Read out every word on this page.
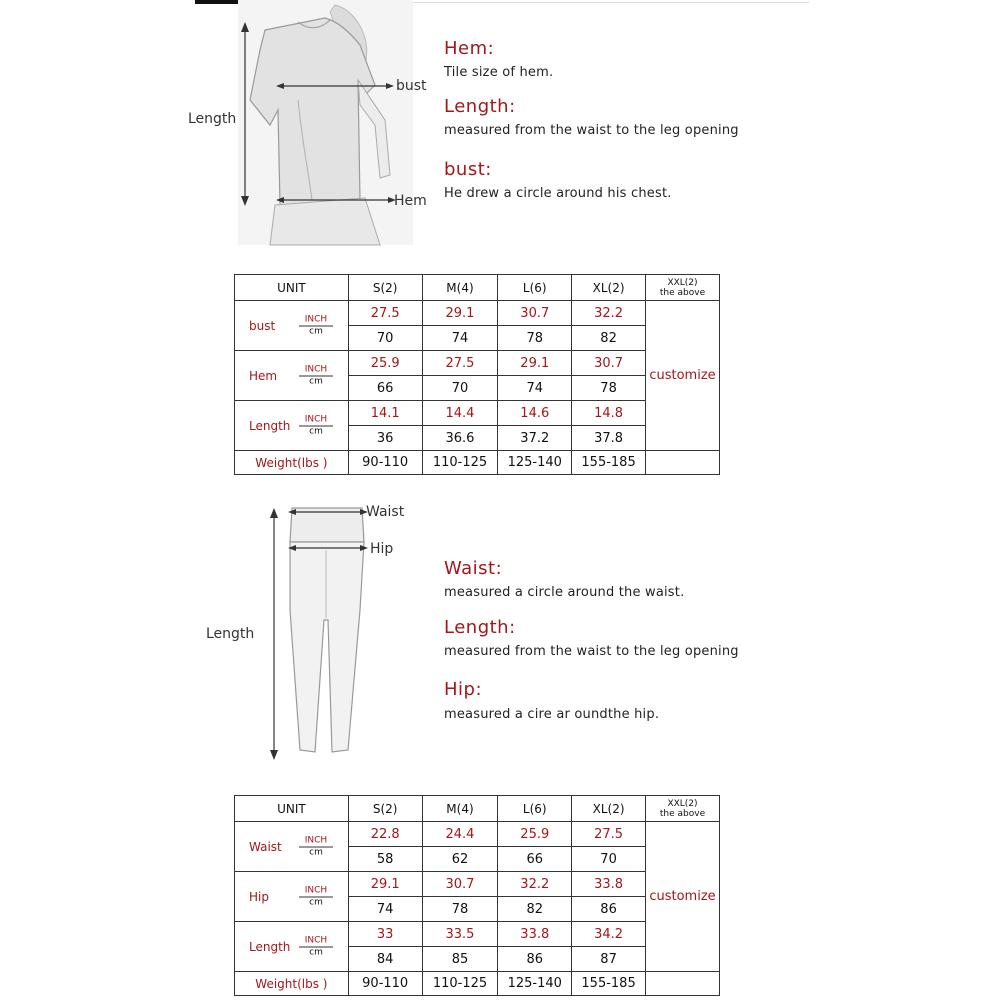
Length
bust
Hem
Hem:
Tile size of hem.
Length:
measured from the waist to the leg opening
bust:
He drew a circle around his chest.
UNIT	S(2)	M(4)	L(6)	XL(2)	XXL(2)
the above

bust INCH
cm	27.5	29.1	30.7	32.2	customize
	70	74	78	82	

Hem INCH
cm	25.9	27.5	29.1	30.7	
	66	70	74	78	

Length INCH
cm	14.1	14.4	14.6	14.8	
	36	36.6	37.2	37.8	
Weight(lbs )	90-110	110-125	125-140	155-185	
Length
Waist
Hip
Waist:
measured a circle around the waist.
Length:
measured from the waist to the leg opening
Hip:
measured a cire ar oundthe hip.
UNIT	S(2)	M(4)	L(6)	XL(2)	XXL(2)
the above

Waist INCH
cm	22.8	24.4	25.9	27.5	customize
	58	62	66	70	

Hip INCH
cm	29.1	30.7	32.2	33.8	
	74	78	82	86	

Length INCH
cm	33	33.5	33.8	34.2	
	84	85	86	87	
Weight(lbs )	90-110	110-125	125-140	155-185	
